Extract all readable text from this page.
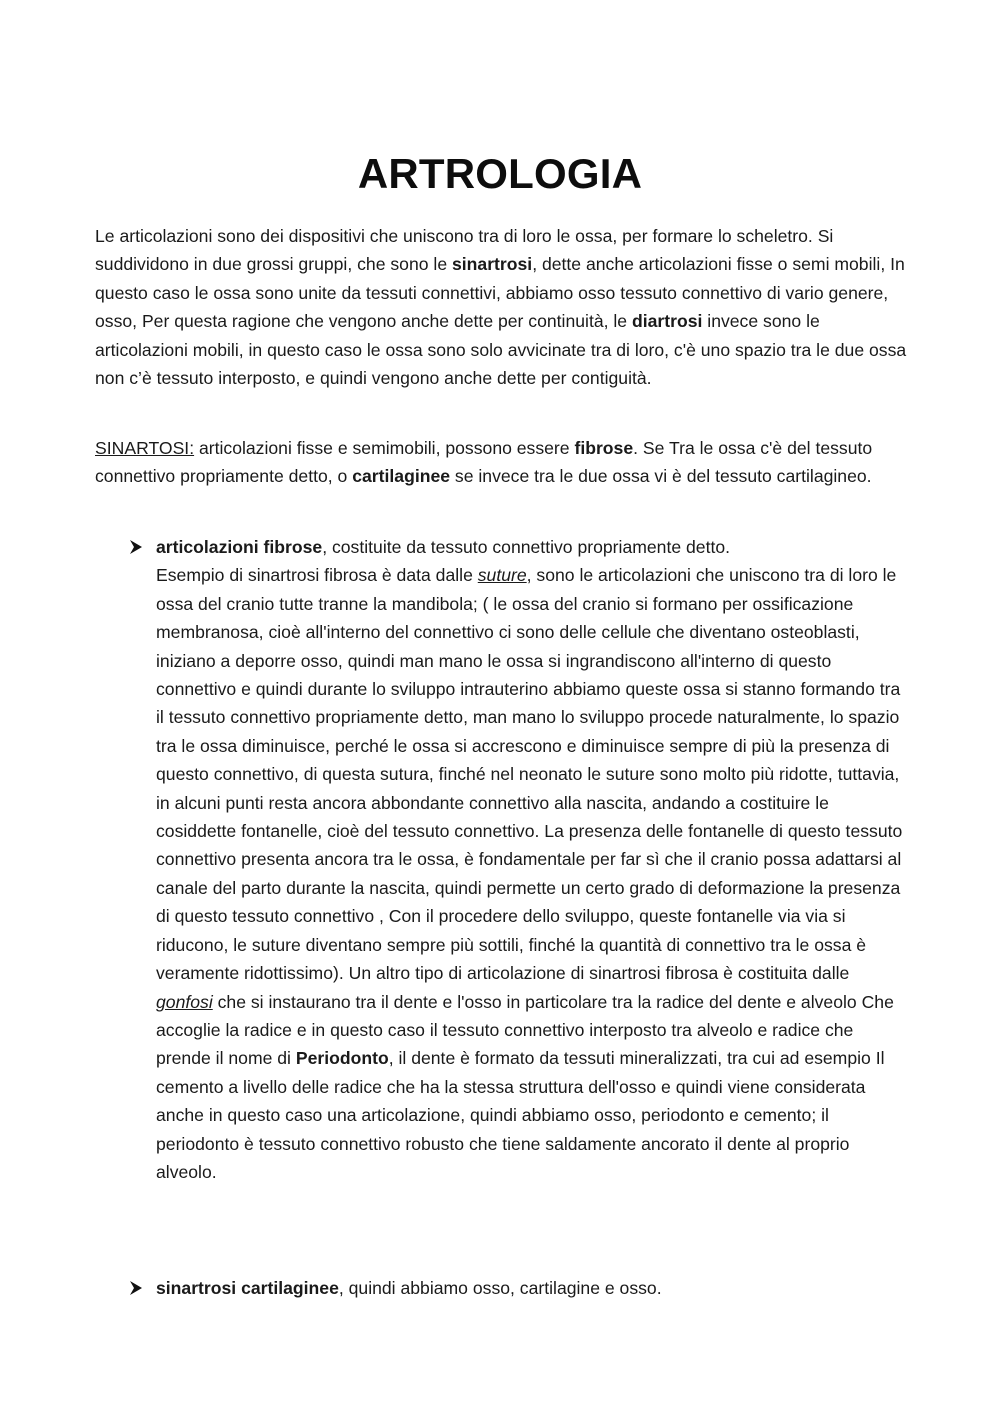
ARTROLOGIA

Le articolazioni sono dei dispositivi che uniscono tra di loro le ossa, per formare lo scheletro. Si suddividono in due grossi gruppi, che sono le sinartrosi, dette anche articolazioni fisse o semi mobili, In questo caso le ossa sono unite da tessuti connettivi, abbiamo osso tessuto connettivo di vario genere, osso, Per questa ragione che vengono anche dette per continuità, le diartrosi invece sono le articolazioni mobili, in questo caso le ossa sono solo avvicinate tra di loro, c'è uno spazio tra le due ossa non c’è tessuto interposto, e quindi vengono anche dette per contiguità.

SINARTOSI: articolazioni fisse e semimobili, possono essere fibrose. Se Tra le ossa c'è del tessuto connettivo propriamente detto, o cartilaginee se invece tra le due ossa vi è del tessuto cartilagineo.

articolazioni fibrose, costituite da tessuto connettivo propriamente detto.

Esempio di sinartrosi fibrosa è data dalle suture, sono le articolazioni che uniscono tra di loro le ossa del cranio tutte tranne la mandibola; ( le ossa del cranio si formano per ossificazione membranosa, cioè all'interno del connettivo ci sono delle cellule che diventano osteoblasti, iniziano a deporre osso, quindi man mano le ossa si ingrandiscono all'interno di questo connettivo e quindi durante lo sviluppo intrauterino abbiamo queste ossa si stanno formando tra il tessuto connettivo propriamente detto, man mano lo sviluppo procede naturalmente, lo spazio tra le ossa diminuisce, perché le ossa si accrescono e diminuisce sempre di più la presenza di questo connettivo, di questa sutura, finché nel neonato le suture sono molto più ridotte, tuttavia, in alcuni punti resta ancora abbondante connettivo alla nascita, andando a costituire le cosiddette fontanelle, cioè del tessuto connettivo. La presenza delle fontanelle di questo tessuto connettivo presenta ancora tra le ossa, è fondamentale per far sì che il cranio possa adattarsi al canale del parto durante la nascita, quindi permette un certo grado di deformazione la presenza di questo tessuto connettivo , Con il procedere dello sviluppo, queste fontanelle via via si riducono, le suture diventano sempre più sottili, finché la quantità di connettivo tra le ossa è veramente ridottissimo). Un altro tipo di articolazione di sinartrosi fibrosa è costituita dalle gonfosi che si instaurano tra il dente e l'osso in particolare tra la radice del dente e alveolo Che accoglie la radice e in questo caso il tessuto connettivo interposto tra alveolo e radice che prende il nome di Periodonto, il dente è formato da tessuti mineralizzati, tra cui ad esempio Il cemento a livello delle radice che ha la stessa struttura dell'osso e quindi viene considerata anche in questo caso una articolazione, quindi abbiamo osso, periodonto e cemento; il periodonto è tessuto connettivo robusto che tiene saldamente ancorato il dente al proprio alveolo.

sinartrosi cartilaginee, quindi abbiamo osso, cartilagine e osso.
